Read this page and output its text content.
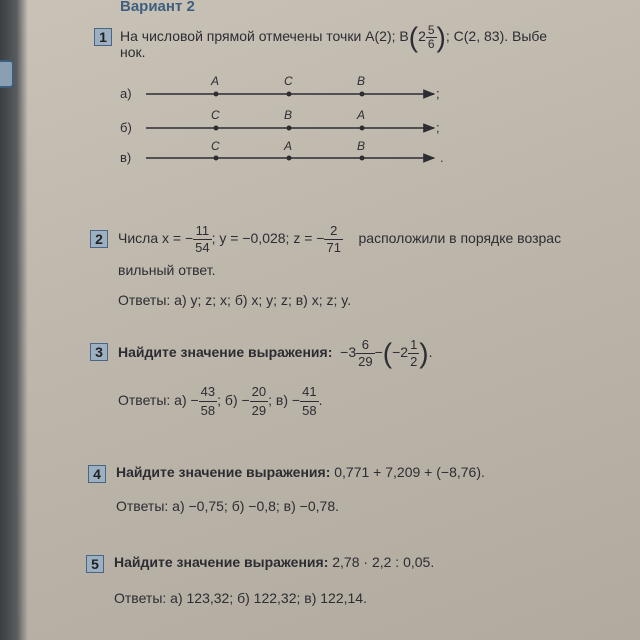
Вариант 2
1 На числовой прямой отмечены точки A(2); $B(2 \frac{5}{6}$ ); C(2, 83). Выбе
нок.
а)
б)
в)
A	C	B
;
C	B	A
;
C	A	B
.
2	Числа x = − $\frac{11}{54}$ ; y = −0,028; z = − $\frac{2}{71}$ расположили в порядке возрас
вильный ответ.
Ответы: а) y; z; x; б) x; y; z; в) x; z; y.
3	Найдите значение выражения: $-3 \frac{6}{29} -(-2 \frac{1}{2}$ ).
Ответы: $а) - \frac{43}{58}$ ; $б) - \frac{20}{29}$ ; $в) - \frac{41}{58}$ .
4	Найдите значение выражения: 0,771 + 7,209 + (−8,76).
Ответы: а) −0,75; б) −0,8; в) −0,78.
5	Найдите значение выражения: 2,78 · 2,2 : 0,05.
Ответы: а) 123,32; б) 122,32; в) 122,14.
